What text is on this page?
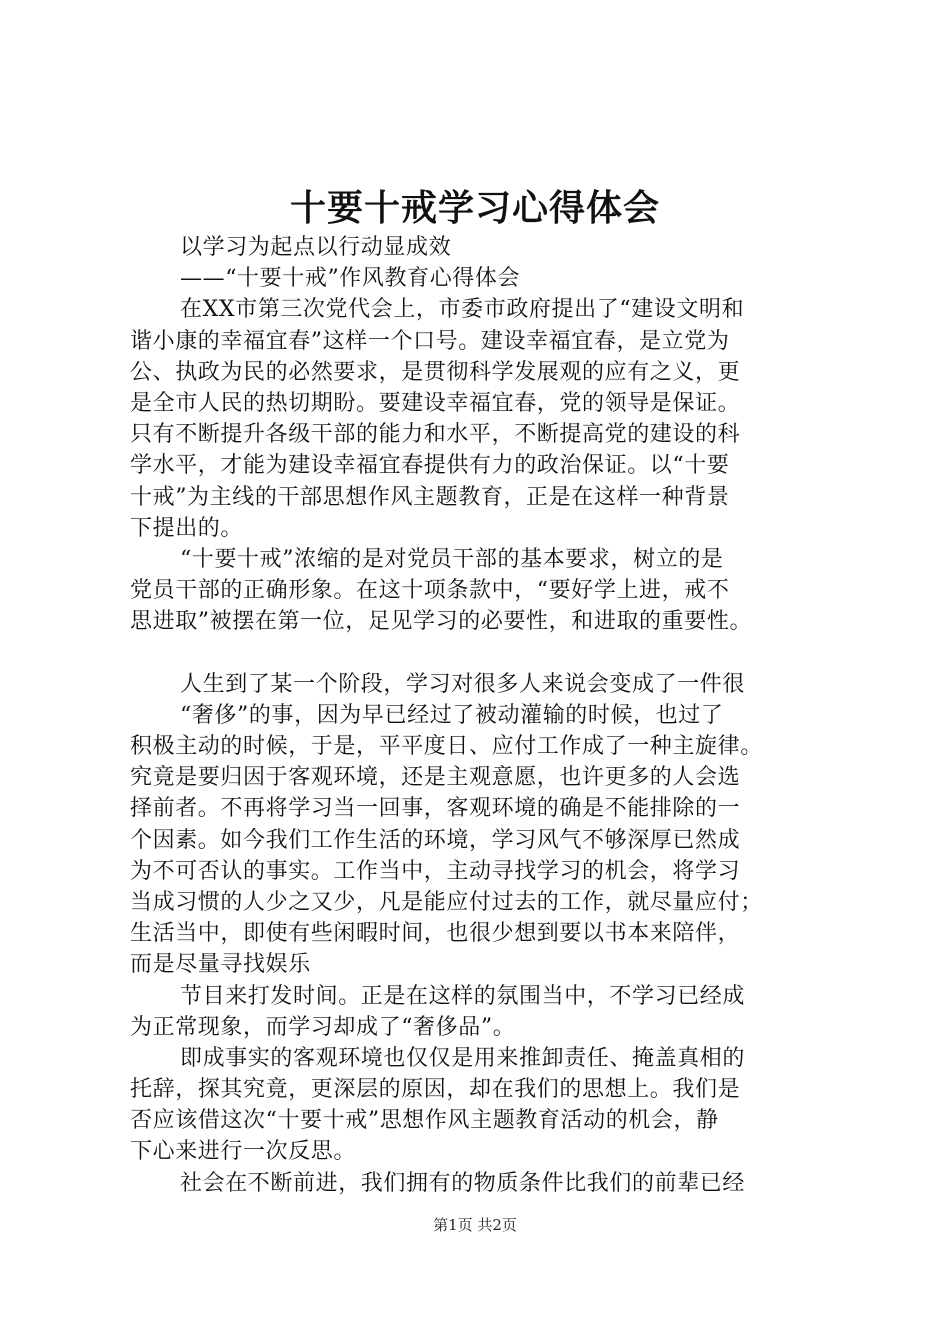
十要十戒学习心得体会
以学习为起点以行动显成效
——“十要十戒”作风教育心得体会
在XX市第三次党代会上，市委市政府提出了“建设文明和
谐小康的幸福宜春”这样一个口号。建设幸福宜春，是立党为
公、执政为民的必然要求，是贯彻科学发展观的应有之义，更
是全市人民的热切期盼。要建设幸福宜春，党的领导是保证。
只有不断提升各级干部的能力和水平，不断提高党的建设的科
学水平，才能为建设幸福宜春提供有力的政治保证。以“十要
十戒”为主线的干部思想作风主题教育，正是在这样一种背景
下提出的。
“十要十戒”浓缩的是对党员干部的基本要求，树立的是
党员干部的正确形象。在这十项条款中，“要好学上进，戒不
思进取”被摆在第一位，足见学习的必要性，和进取的重要性。
人生到了某一个阶段，学习对很多人来说会变成了一件很
“奢侈”的事，因为早已经过了被动灌输的时候，也过了
积极主动的时候，于是，平平度日、应付工作成了一种主旋律。
究竟是要归因于客观环境，还是主观意愿，也许更多的人会选
择前者。不再将学习当一回事，客观环境的确是不能排除的一
个因素。如今我们工作生活的环境，学习风气不够深厚已然成
为不可否认的事实。工作当中，主动寻找学习的机会，将学习
当成习惯的人少之又少，凡是能应付过去的工作，就尽量应付；
生活当中，即使有些闲暇时间，也很少想到要以书本来陪伴，
而是尽量寻找娱乐
节目来打发时间。正是在这样的氛围当中，不学习已经成
为正常现象，而学习却成了“奢侈品”。
即成事实的客观环境也仅仅是用来推卸责任、掩盖真相的
托辞，探其究竟，更深层的原因，却在我们的思想上。我们是
否应该借这次“十要十戒”思想作风主题教育活动的机会，静
下心来进行一次反思。
社会在不断前进，我们拥有的物质条件比我们的前辈已经
第1页 共2页
